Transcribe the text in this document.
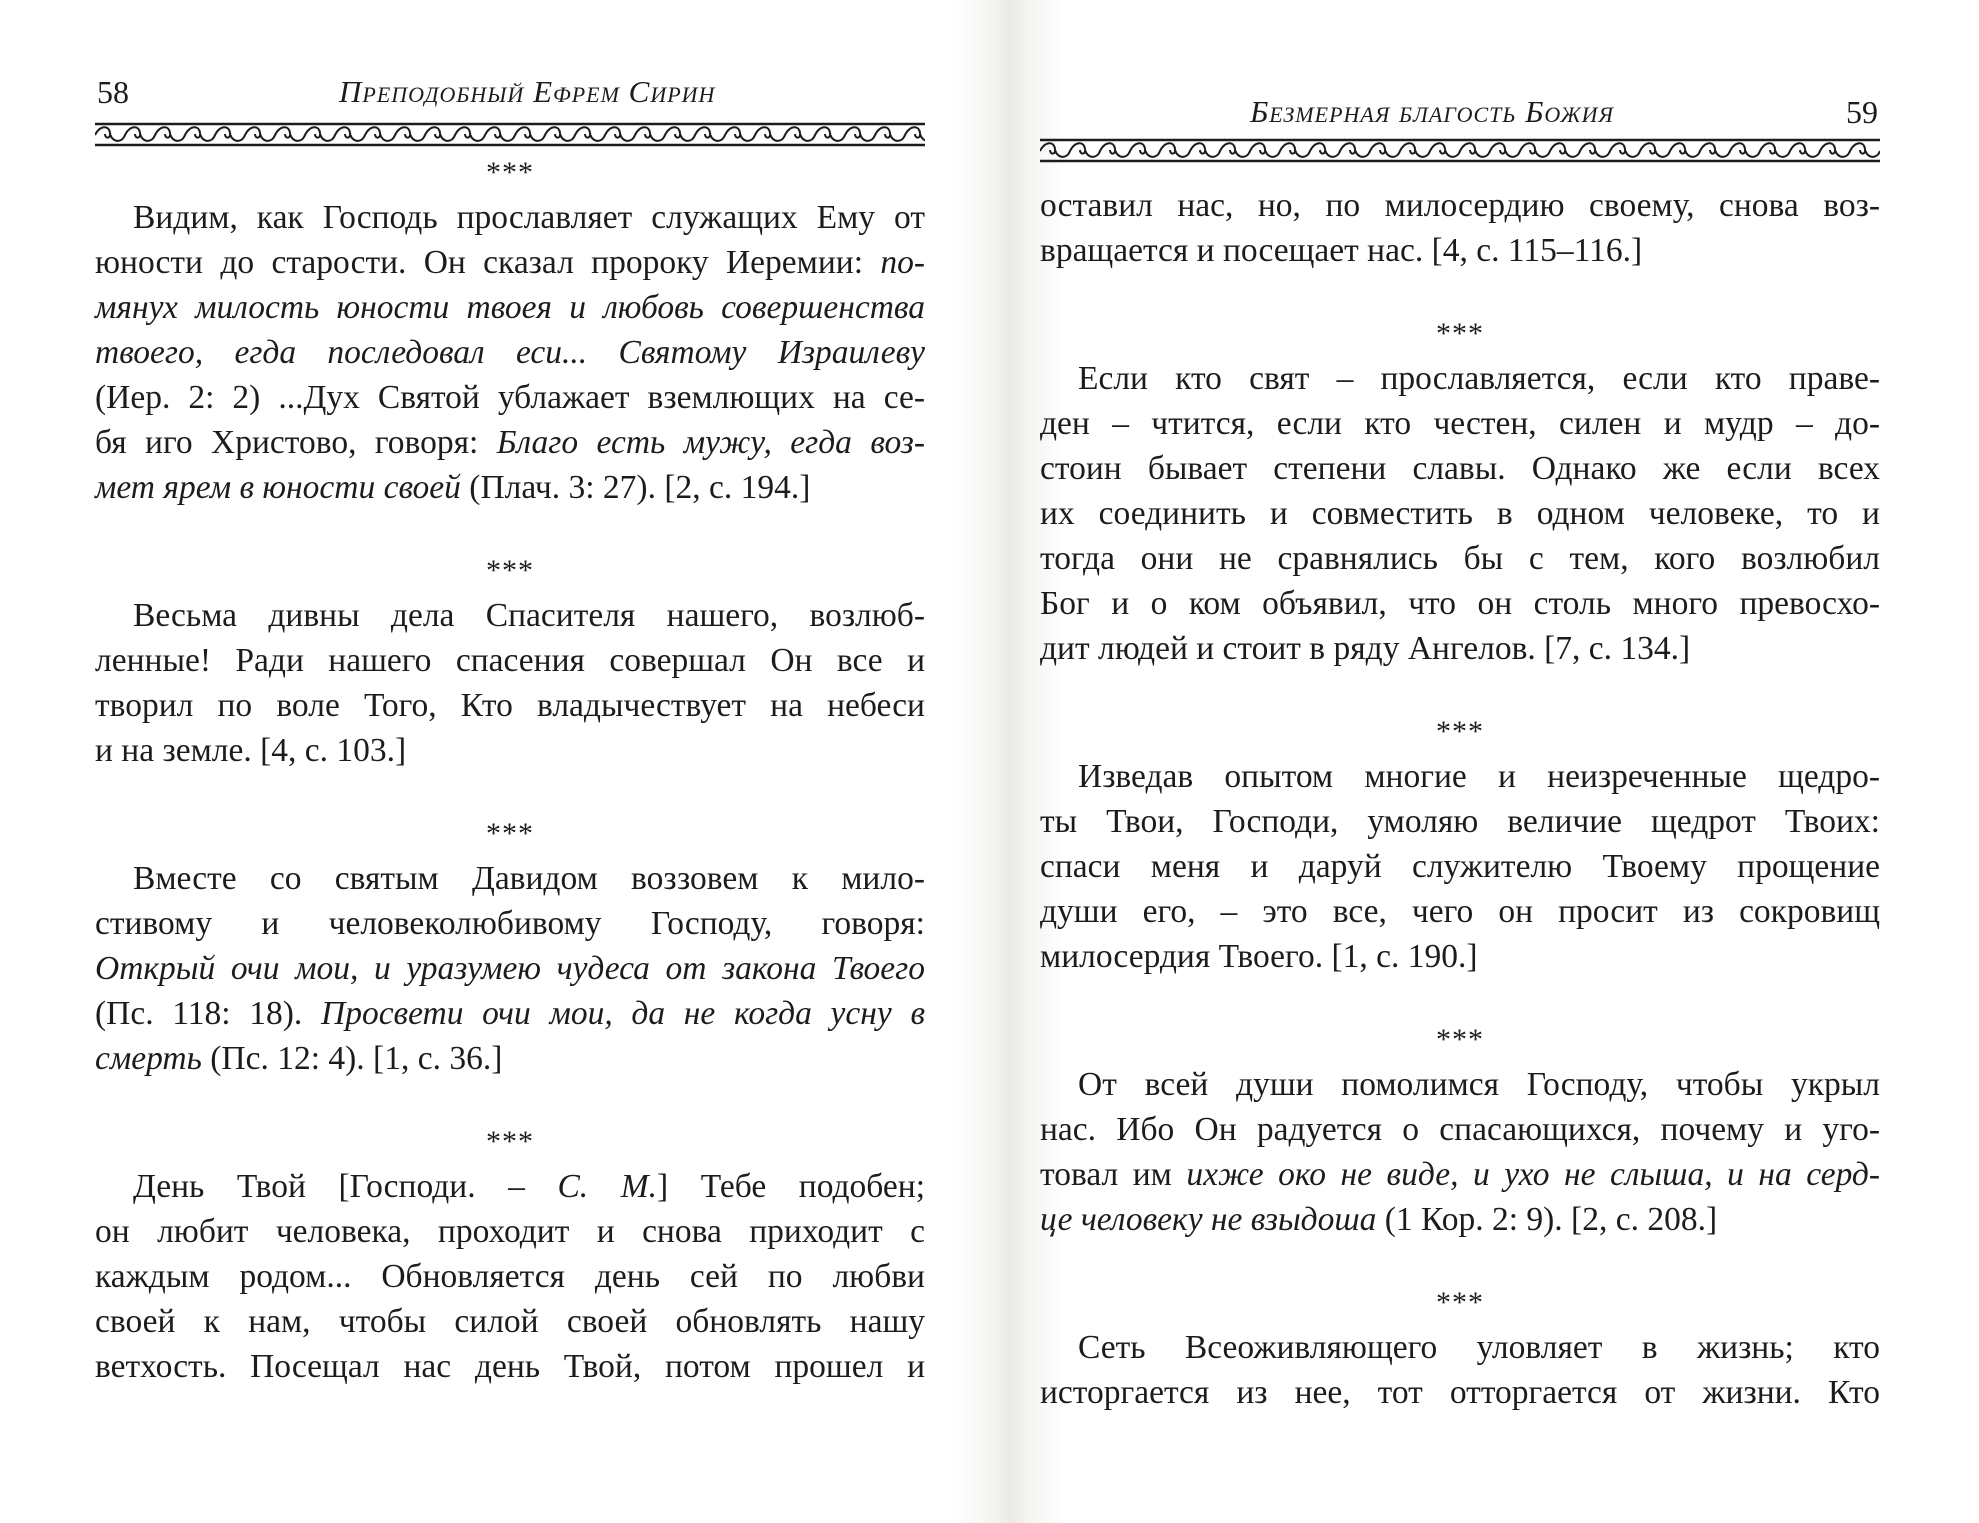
58	Преподобный Ефрем Сирин
***
Видим, как Господь прославляет служащих Ему от
юности до старости. Он сказал пророку Иеремии: по-
мянух милость юности твоея и любовь совершенства
твоего, егда последовал еси... Святому Израилеву
(Иер. 2: 2) ...Дух Святой ублажает вземлющих на се-
бя иго Христово, говоря: Благо есть мужу, егда воз-
мет ярем в юности своей (Плач. 3: 27). [2, с. 194.]
***
Весьма дивны дела Спасителя нашего, возлюб-
ленные! Ради нашего спасения совершал Он все и
творил по воле Того, Кто владычествует на небеси
и на земле. [4, с. 103.]
***
Вместе со святым Давидом воззовем к мило-
стивому и человеколюбивому Господу, говоря:
Открый очи мои, и уразумею чудеса от закона Твоего
(Пс. 118: 18). Просвети очи мои, да не когда усну в
смерть (Пс. 12: 4). [1, с. 36.]
***
День Твой [Господи. – С. М.] Тебе подобен;
он любит человека, проходит и снова приходит с
каждым родом... Обновляется день сей по любви
своей к нам, чтобы силой своей обновлять нашу
ветхость. Посещал нас день Твой, потом прошел и
Безмерная благость Божия	59
оставил нас, но, по милосердию своему, снова воз-
вращается и посещает нас. [4, с. 115–116.]
***
Если кто свят – прославляется, если кто праве-
ден – чтится, если кто честен, силен и мудр – до-
стоин бывает степени славы. Однако же если всех
их соединить и совместить в одном человеке, то и
тогда они не сравнялись бы с тем, кого возлюбил
Бог и о ком объявил, что он столь много превосхо-
дит людей и стоит в ряду Ангелов. [7, с. 134.]
***
Изведав опытом многие и неизреченные щедро-
ты Твои, Господи, умоляю величие щедрот Твоих:
спаси меня и даруй служителю Твоему прощение
души его, – это все, чего он просит из сокровищ
милосердия Твоего. [1, с. 190.]
***
От всей души помолимся Господу, чтобы укрыл
нас. Ибо Он радуется о спасающихся, почему и уго-
товал им ихже око не виде, и ухо не слыша, и на серд-
це человеку не взыдоша (1 Кор. 2: 9). [2, с. 208.]
***
Сеть Всеоживляющего уловляет в жизнь; кто
исторгается из нее, тот отторгается от жизни. Кто
